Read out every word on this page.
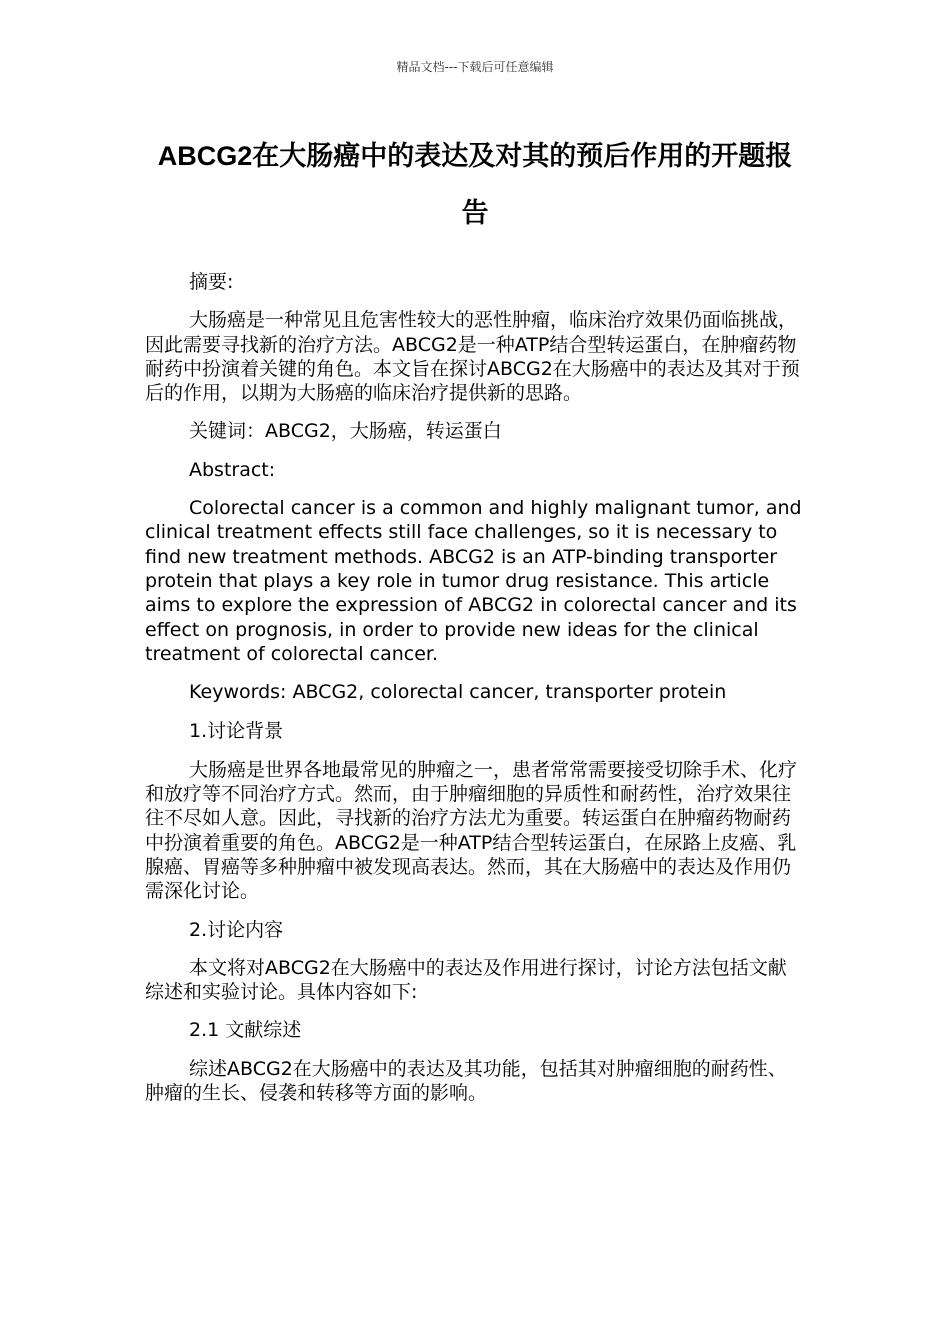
精品文档---下载后可任意编辑
ABCG2在大肠癌中的表达及对其的预后作用的开题报告

摘要:

大肠癌是一种常见且危害性较大的恶性肿瘤，临床治疗效果仍面临挑战，因此需要寻找新的治疗方法。ABCG2是一种ATP结合型转运蛋白，在肿瘤药物耐药中扮演着关键的角色。本文旨在探讨ABCG2在大肠癌中的表达及其对于预后的作用，以期为大肠癌的临床治疗提供新的思路。

关键词：ABCG2，大肠癌，转运蛋白

Abstract:

Colorectal cancer is a common and highly malignant tumor, and clinical treatment effects still face challenges, so it is necessary to find new treatment methods. ABCG2 is an ATP-binding transporter protein that plays a key role in tumor drug resistance. This article aims to explore the expression of ABCG2 in colorectal cancer and its effect on prognosis, in order to provide new ideas for the clinical treatment of colorectal cancer.

Keywords: ABCG2, colorectal cancer, transporter protein

1.讨论背景

大肠癌是世界各地最常见的肿瘤之一，患者常常需要接受切除手术、化疗和放疗等不同治疗方式。然而，由于肿瘤细胞的异质性和耐药性，治疗效果往往不尽如人意。因此，寻找新的治疗方法尤为重要。转运蛋白在肿瘤药物耐药中扮演着重要的角色。ABCG2是一种ATP结合型转运蛋白，在尿路上皮癌、乳腺癌、胃癌等多种肿瘤中被发现高表达。然而，其在大肠癌中的表达及作用仍需深化讨论。

2.讨论内容

本文将对ABCG2在大肠癌中的表达及作用进行探讨，讨论方法包括文献综述和实验讨论。具体内容如下:

2.1 文献综述

综述ABCG2在大肠癌中的表达及其功能，包括其对肿瘤细胞的耐药性、肿瘤的生长、侵袭和转移等方面的影响。
